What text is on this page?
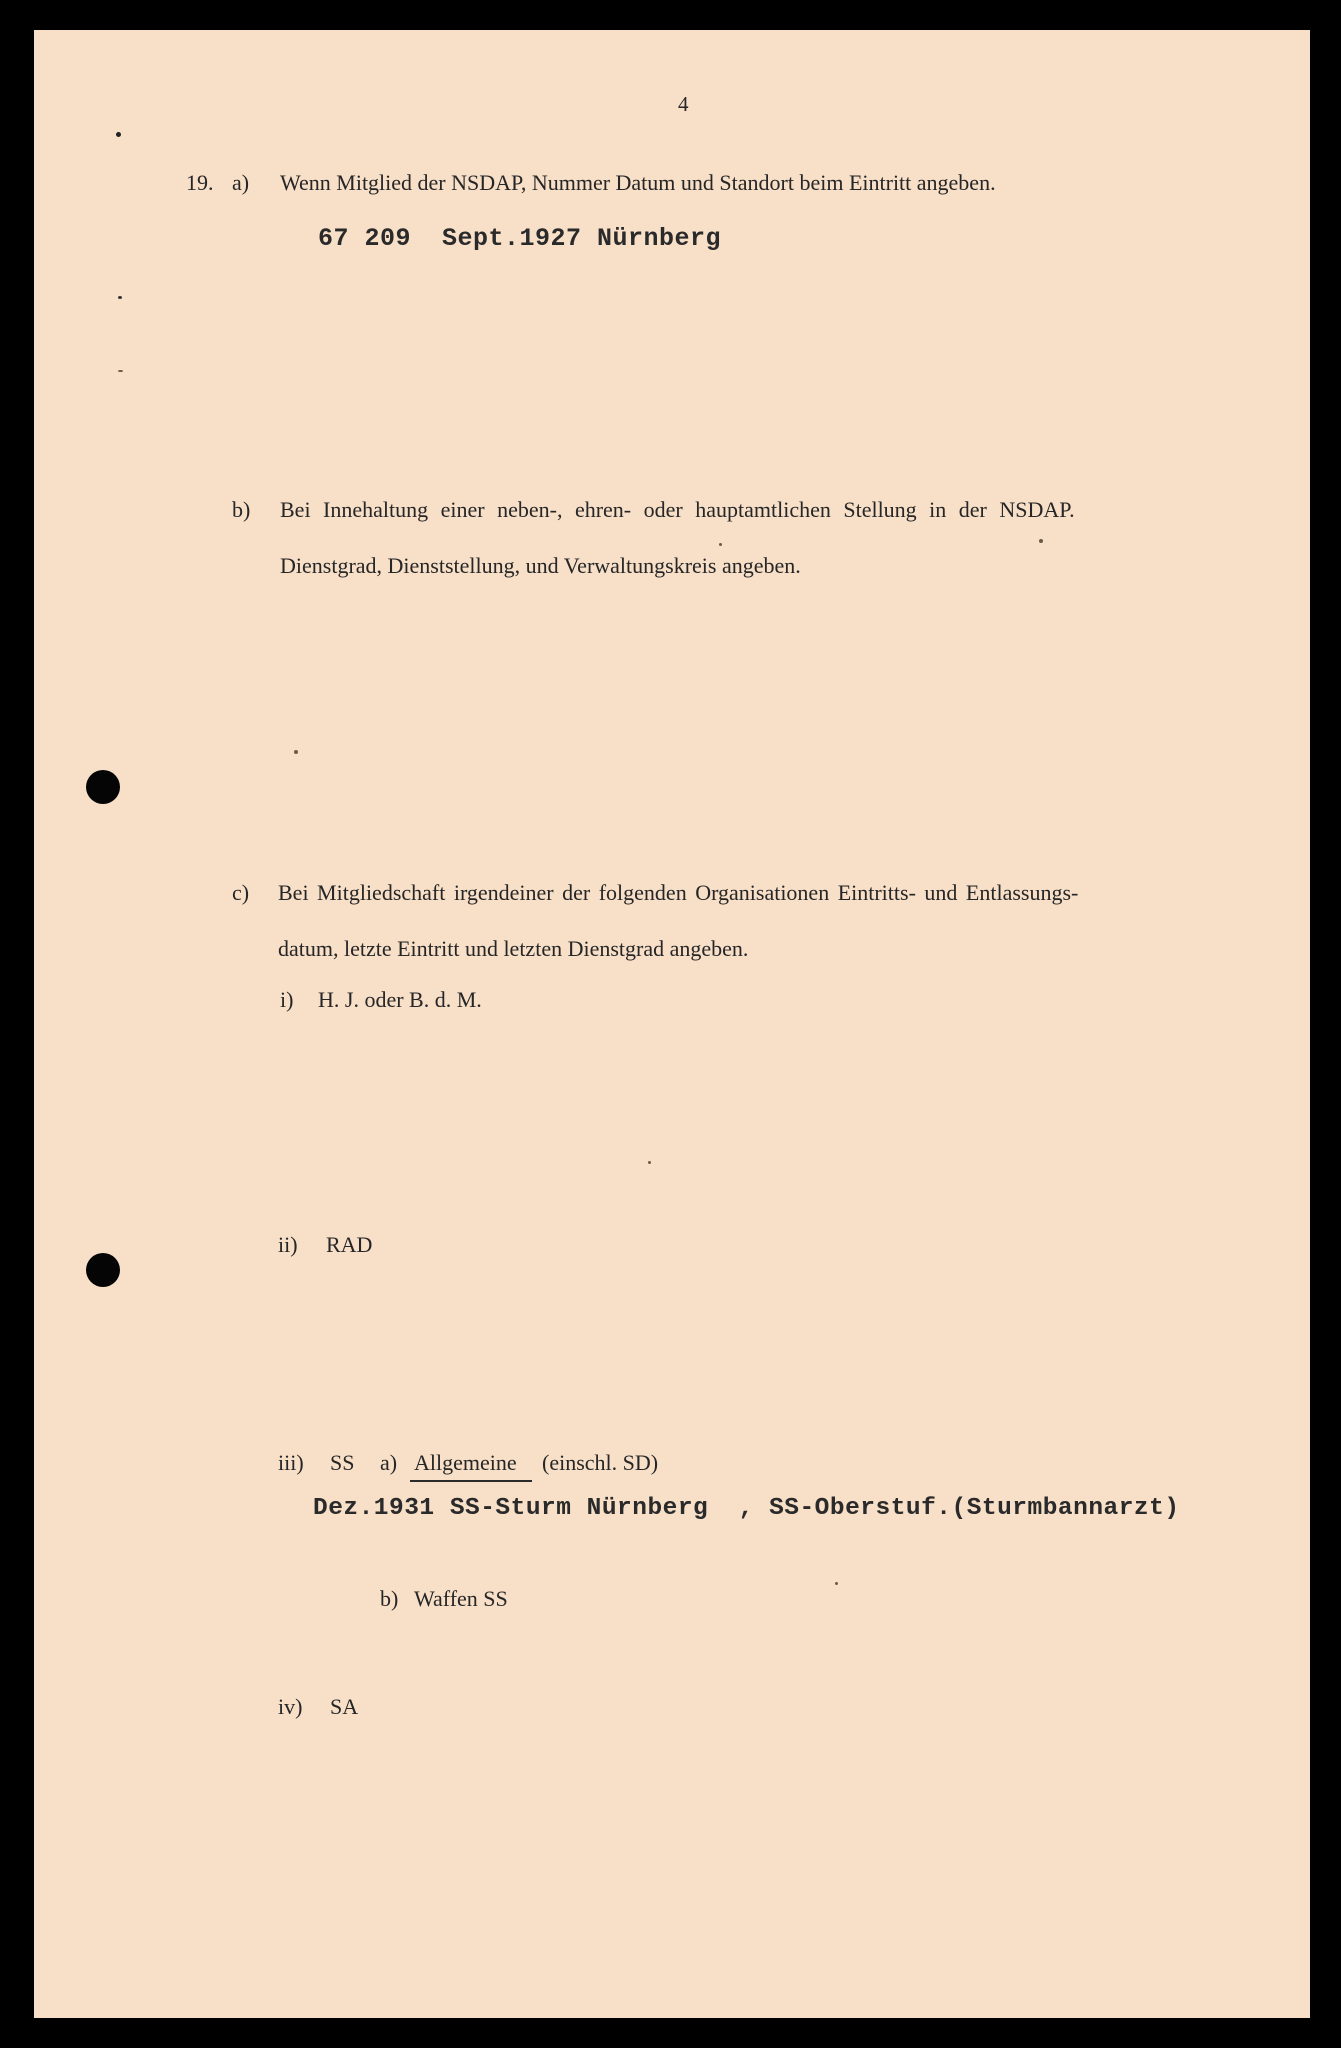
4
19. a) Wenn Mitglied der NSDAP, Nummer Datum und Standort beim Eintritt angeben.
67 209  Sept.1927 Nürnberg
b) Bei Innehaltung einer neben-, ehren- oder hauptamtlichen Stellung in der NSDAP.
Dienstgrad, Dienststellung, und Verwaltungskreis angeben.
c) Bei Mitgliedschaft irgendeiner der folgenden Organisationen Eintritts- und Entlassungs-
datum, letzte Eintritt und letzten Dienstgrad angeben.
i) H. J. oder B. d. M.
ii) RAD
iii) SS a) Allgemeine (einschl. SD)
Dez.1931 SS-Sturm Nürnberg  , SS-Oberstuf.(Sturmbannarzt)
b) Waffen SS
iv) SA
